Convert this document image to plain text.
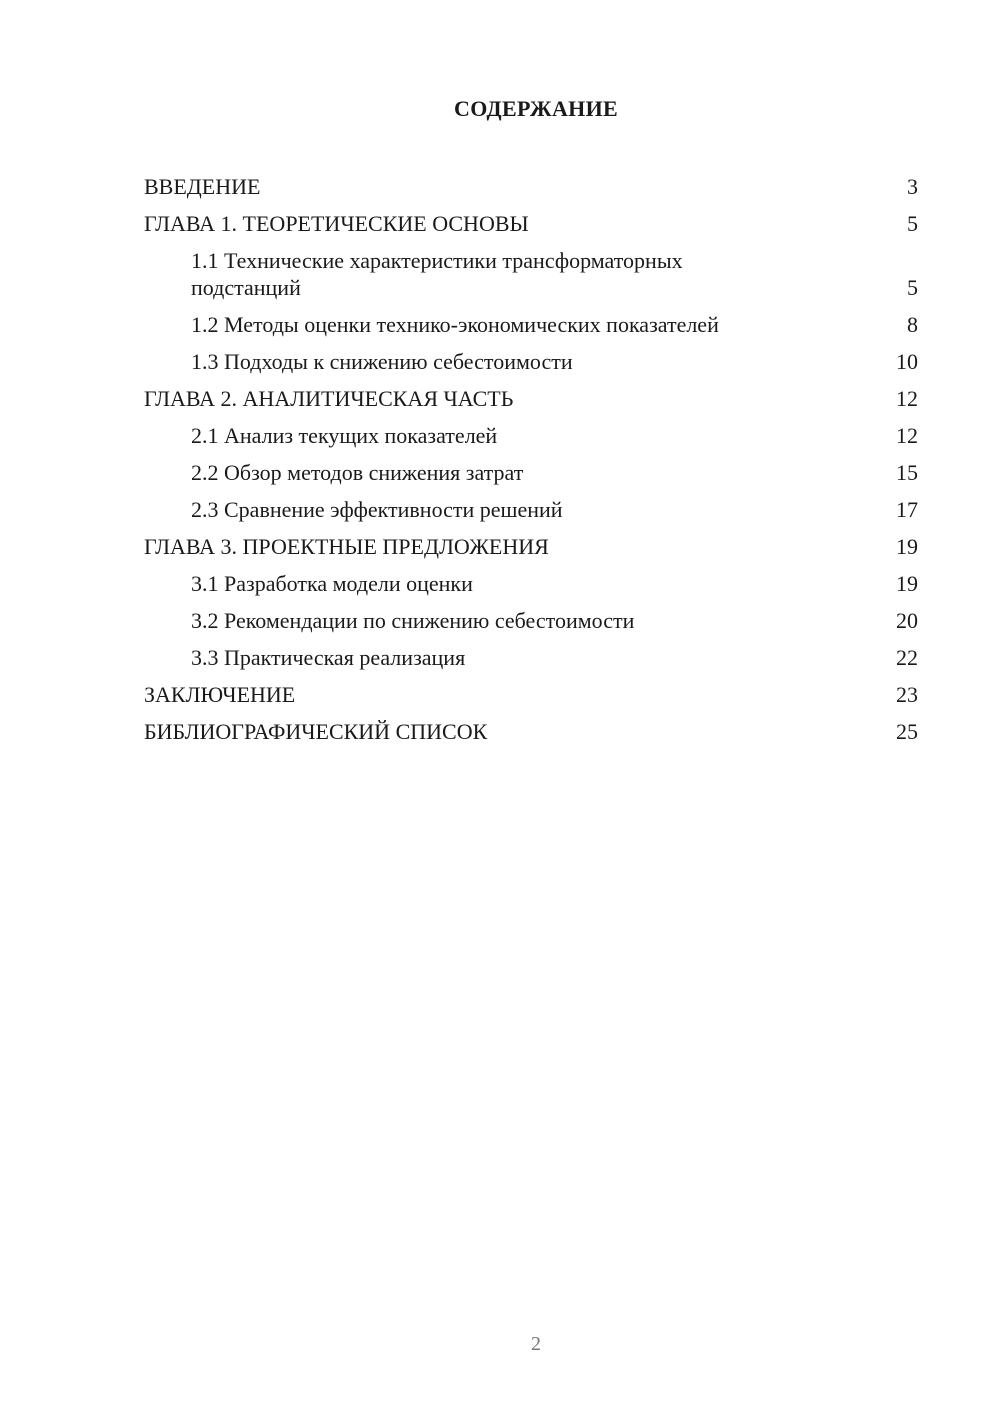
СОДЕРЖАНИЕ
ВВЕДЕНИЕ	3
ГЛАВА 1. ТЕОРЕТИЧЕСКИЕ ОСНОВЫ	5
1.1 Технические характеристики трансформаторных подстанций	5
1.2 Методы оценки технико-экономических показателей	8
1.3 Подходы к снижению себестоимости	10
ГЛАВА 2. АНАЛИТИЧЕСКАЯ ЧАСТЬ	12
2.1 Анализ текущих показателей	12
2.2 Обзор методов снижения затрат	15
2.3 Сравнение эффективности решений	17
ГЛАВА 3. ПРОЕКТНЫЕ ПРЕДЛОЖЕНИЯ	19
3.1 Разработка модели оценки	19
3.2 Рекомендации по снижению себестоимости	20
3.3 Практическая реализация	22
ЗАКЛЮЧЕНИЕ	23
БИБЛИОГРАФИЧЕСКИЙ СПИСОК	25
2
